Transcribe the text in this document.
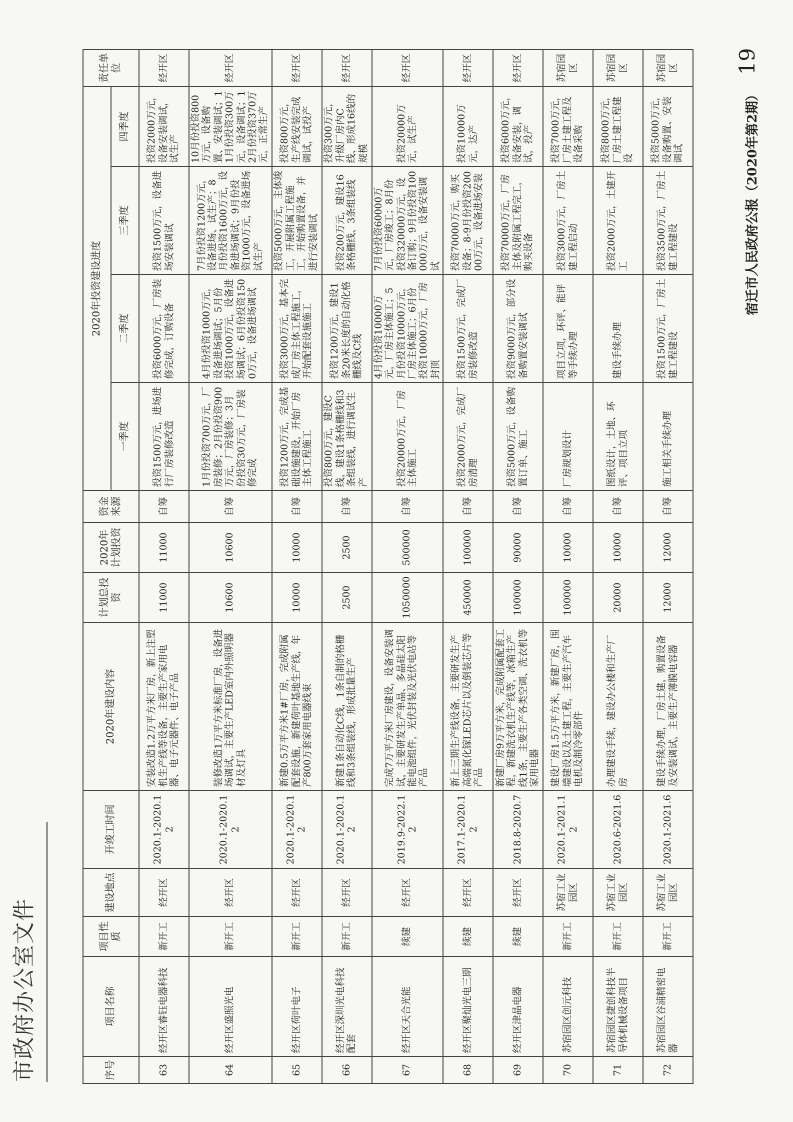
市政府办公室文件	序号	项目名称	项目性质	建设地点	开竣工时间	2020年建设内容	计划总投资	2020年计划投资	资金来源	2020年投资建设进度				责任单位
									一季度	二季度	三季度	四季度	
63	经开区睿钰电器科技	新开工	经开区	2020.1-2020.12	安装改造1.2万平方米厂房，新上注塑机生产线等设备，主要生产家用电器、电子元器件、电子产品	11000	11000	自筹	投资1500万元，进场进行厂房装修改造	投资6000万元，厂房装修完成，订购设备	投资1500万元，设备进场安装调试	投资2000万元，设备安装调试，试生产	经开区
64	经开区盛照光电	新开工	经开区	2020.1-2020.12	装修改造1万平方米标准厂房，设备进场调试，主要生产LED室内外照明器材及灯具	10600	10600	自筹	1月份投资700万元，厂房装修；2月份投资900万元，厂房装修；3月份投资30万元，厂房装修完成	4月份投资1000万元，设备进场调试；5月份投资1000万元，设备进场调试；6月份投资1500万元，设备进场调试	7月份投资1200万元，设备进场、试生产；8月份投资1600万元，设备进场调试；9月份投资1000万元，设备进场试生产	10月份投资800万元，设备购置、安装调试；11月份投资300万元，设备调试；12月份投资370万元，正常生产	经开区
65	经开区荷叶电子	新开工	经开区	2020.1-2020.12	新建0.5万平方米1#厂房，完成附属配套设施，新建荷叶基地生产线，年产800万套家用电器线束	10000	10000	自筹	投资1200万元，完成基础设施建设，开始厂房主体工程施工	投资3000万元，基本完成厂房主体工程施工，开始配套设施施工	投资5000万元，主体竣工，开展附属工程施工，开始购置设备，并进行安装调试	投资800万元，生产线安装完成调试，试投产	经开区
66	经开区深圳光电科技配套	新开工	经开区	2020.1-2020.12	新建1条自动化C线，1条自制的格栅线和3条组装线，形成批量生产	2500	2500	自筹	投资800万元，建设C线，建设1条格栅线和3条组装线，进行调试生产	投资1200万元，建设1条20米长度的自动化格栅线及C线	投资200万元，建设16条格栅线、3条组装线	投资300万元，升级厂房内C线、形成16线的规模	经开区
67	经开区天合光能	续建	经开区	2019.9-2022.12	完成7万平方米厂房建设，设备安装调试，主要研发生产单晶、多晶硅太阳能电池组件，光伏封装及光伏电站等产品	1050000	500000	自筹	投资20000万元，厂房主体施工	4月份投资10000万元，厂房主体施工；5月份投资10000万元，厂房主体施工；6月份投资10000万元，厂房封顶	7月份投资60000万元，厂房竣工；8月份投资320000万元，设备订购；9月份投资100000万元，设备安装调试	投资20000万元，试生产	经开区
68	经开区聚灿光电三期	续建	经开区	2017.1-2020.12	新上三期生产线设备，主要研发生产高端氮化镓LED芯片以及倒装芯片等产品	450000	100000	自筹	投资2000万元，完成厂房清理	投资1500万元，完成厂房装修改造	投资70000万元，购买设备；8-9月份投资20000万元，设备进场安装	投资10000万元，达产	经开区
69	经开区津晶电器	续建	经开区	2018.8-2020.7	新建厂房9万平方米，完成附属配套工程，新建洗衣机生产线等，冰箱生产线1条，主要生产各类空调、洗衣机等家用电器	100000	90000	自筹	投资5000万元，设备购置订单、施工	投资9000万元，部分设备购置安装调试	投资70000万元，厂房主体及附属工程完工，购买设备	投资6000万元，设备安装，调试，投产	经开区
70	苏宿园区创元科技	新开工	苏宿工业园区	2020.1-2021.12	建设厂房1.5万平方米，新建厂房，围墙建设以及土建工程，主要生产汽车电机及制冷零部件	100000	10000	自筹	厂房规划设计	项目立项，环评、能评等手续办理	投资3000万元，厂房土建工程启动	投资7000万元，厂房土建工程及设备采购	苏宿园区
71	苏宿园区捷创科技半导体机械设备项目	新开工	苏宿工业园区	2020.6-2021.6	办理建设手续，建设办公楼和生产厂房	20000	10000	自筹	图纸设计，土地、环评、项目立项	建设手续办理	投资2000万元，土建开工	投资8000万元，厂房土建工程建设	苏宿园区
72	苏宿园区谷浦精密电器	新开工	苏宿工业园区	2020.1-2021.6	建设手续办理，厂房土建，购置设备及安装调试，主要生产薄膜电容器	12000	12000	自筹	施工相关手续办理	投资1500万元，厂房土建工程建设	投资3500万元，厂房土建工程建设	投资5000万元，设备购置、安装调试	苏宿园区
宿迁市人民政府公报（2020年第2期）
19
